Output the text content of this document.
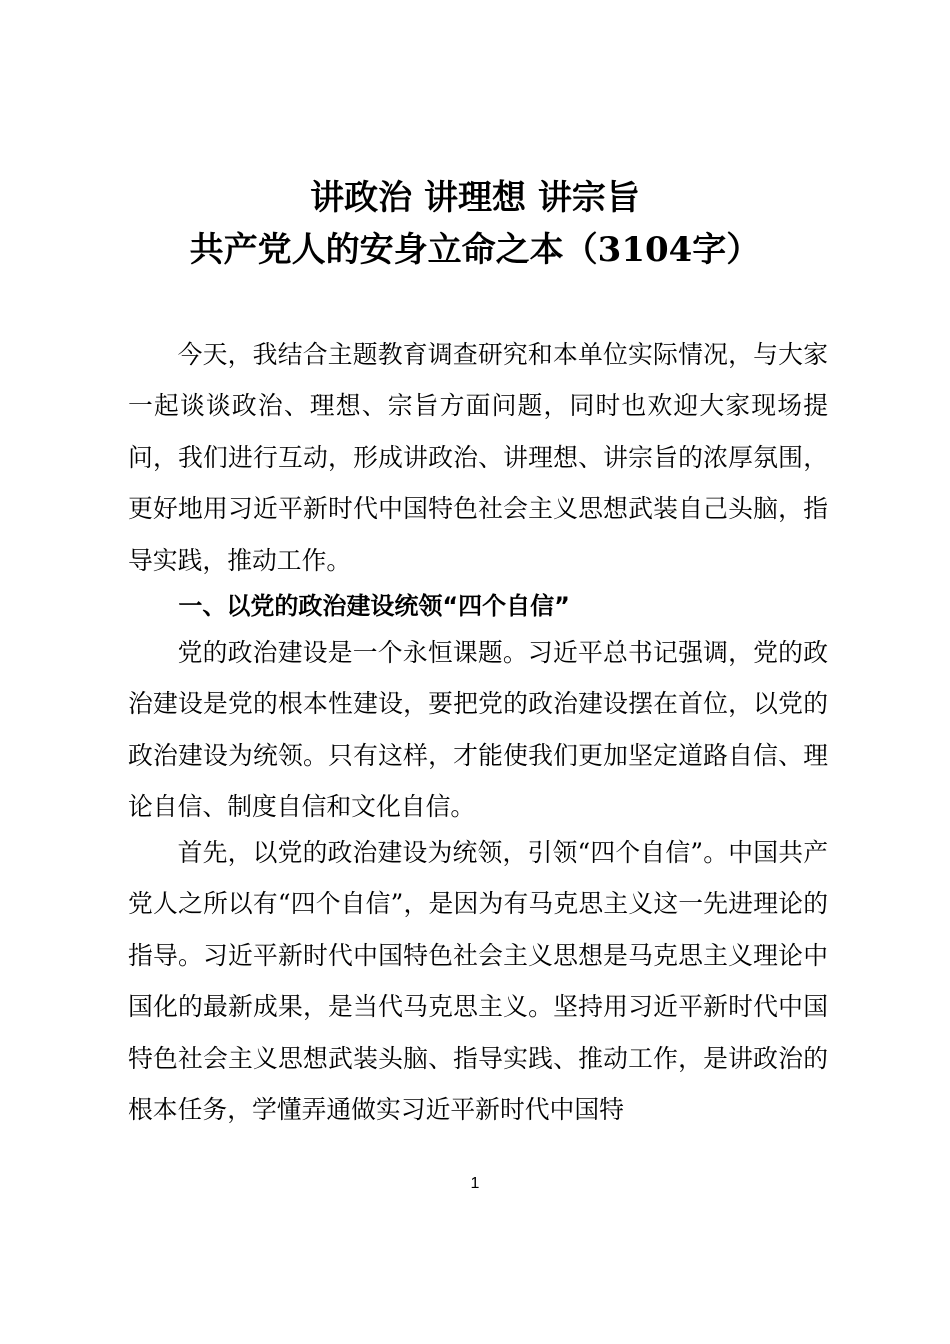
讲政治 讲理想 讲宗旨
共产党人的安身立命之本（3104字）

今天，我结合主题教育调查研究和本单位实际情况，与大家一起谈谈政治、理想、宗旨方面问题，同时也欢迎大家现场提问，我们进行互动，形成讲政治、讲理想、讲宗旨的浓厚氛围，更好地用习近平新时代中国特色社会主义思想武装自己头脑，指导实践，推动工作。

一、以党的政治建设统领“四个自信”

党的政治建设是一个永恒课题。习近平总书记强调，党的政治建设是党的根本性建设，要把党的政治建设摆在首位，以党的政治建设为统领。只有这样，才能使我们更加坚定道路自信、理论自信、制度自信和文化自信。

首先，以党的政治建设为统领，引领“四个自信”。中国共产党人之所以有“四个自信”，是因为有马克思主义这一先进理论的指导。习近平新时代中国特色社会主义思想是马克思主义理论中国化的最新成果，是当代马克思主义。坚持用习近平新时代中国特色社会主义思想武装头脑、指导实践、推动工作，是讲政治的根本任务，学懂弄通做实习近平新时代中国特

1
